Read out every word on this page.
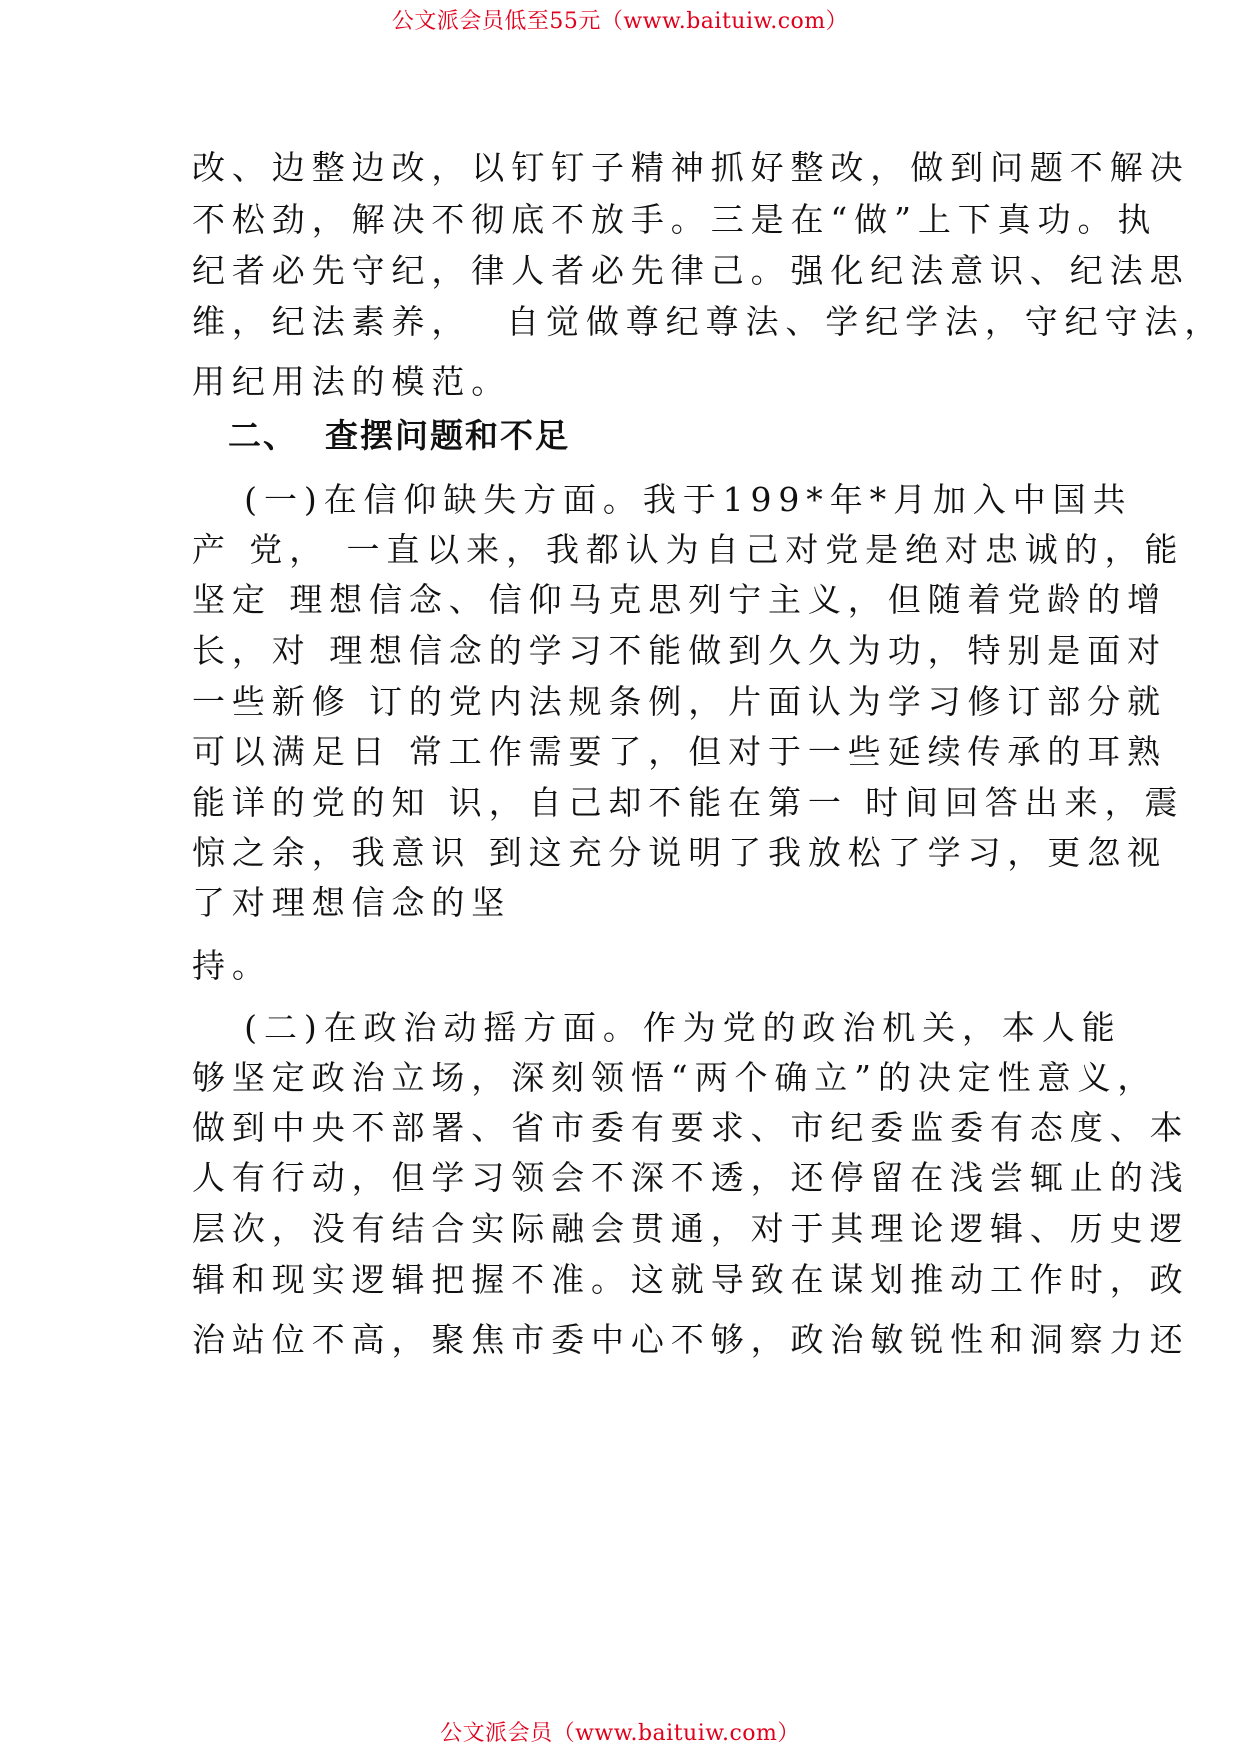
公文派会员低至55元（www.baituiw.com）
改、边整边改，以钉钉子精神抓好整改，做到问题不解决
不松劲，解决不彻底不放手。三是在“做”上下真功。执
纪者必先守纪，律人者必先律己。强化纪法意识、纪法思
维，纪法素养，  自觉做尊纪尊法、学纪学法，守纪守法，
用纪用法的模范。
二、  查摆问题和不足
(一)在信仰缺失方面。我于199*年*月加入中国共
产 党， 一直以来，我都认为自己对党是绝对忠诚的，能
坚定 理想信念、信仰马克思列宁主义，但随着党龄的增
长，对 理想信念的学习不能做到久久为功，特别是面对
一些新修 订的党内法规条例，片面认为学习修订部分就
可以满足日 常工作需要了，但对于一些延续传承的耳熟
能详的党的知 识，自己却不能在第一 时间回答出来，震
惊之余，我意识 到这充分说明了我放松了学习，更忽视
了对理想信念的坚
持。
(二)在政治动摇方面。作为党的政治机关，本人能
够坚定政治立场，深刻领悟“两个确立”的决定性意义，
做到中央不部署、省市委有要求、市纪委监委有态度、本
人有行动，但学习领会不深不透，还停留在浅尝辄止的浅
层次，没有结合实际融会贯通，对于其理论逻辑、历史逻
辑和现实逻辑把握不准。这就导致在谋划推动工作时，政
治站位不高，聚焦市委中心不够，政治敏锐性和洞察力还
公文派会员（www.baituiw.com）
